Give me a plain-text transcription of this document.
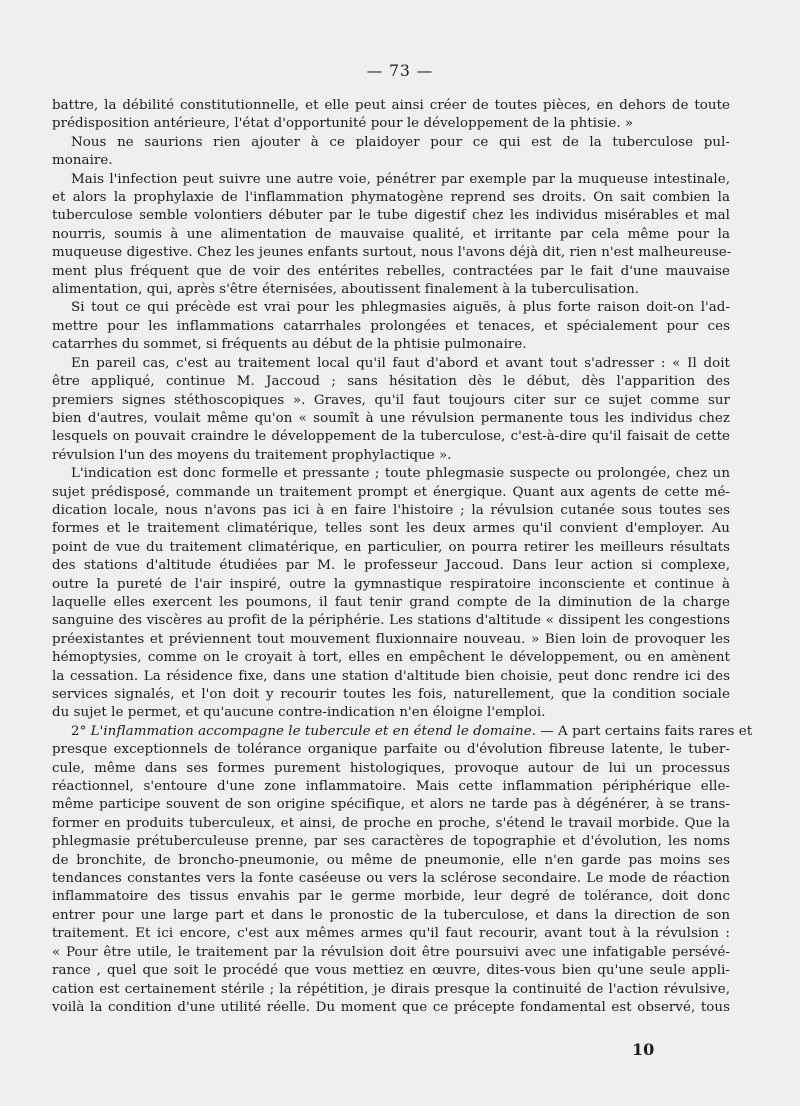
— 73 —
battre, la débilité constitutionnelle, et elle peut ainsi créer de toutes pièces, en dehors de toute
prédisposition antérieure, l'état d'opportunité pour le développement de la phtisie. »
Nous ne saurions rien ajouter à ce plaidoyer pour ce qui est de la tuberculose pul-
monaire.
Mais l'infection peut suivre une autre voie, pénétrer par exemple par la muqueuse intestinale,
et alors la prophylaxie de l'inflammation phymatogène reprend ses droits. On sait combien la
tuberculose semble volontiers débuter par le tube digestif chez les individus misérables et mal
nourris, soumis à une alimentation de mauvaise qualité, et irritante par cela même pour la
muqueuse digestive. Chez les jeunes enfants surtout, nous l'avons déjà dit, rien n'est malheureuse-
ment plus fréquent que de voir des entérites rebelles, contractées par le fait d'une mauvaise
alimentation, qui, après s'être éternisées, aboutissent finalement à la tuberculisation.
Si tout ce qui précède est vrai pour les phlegmasies aiguës, à plus forte raison doit-on l'ad-
mettre pour les inflammations catarrhales prolongées et tenaces, et spécialement pour ces
catarrhes du sommet, si fréquents au début de la phtisie pulmonaire.
En pareil cas, c'est au traitement local qu'il faut d'abord et avant tout s'adresser : « Il doit
être appliqué, continue M. Jaccoud ; sans hésitation dès le début, dès l'apparition des
premiers signes stéthoscopiques ». Graves, qu'il faut toujours citer sur ce sujet comme sur
bien d'autres, voulait même qu'on « soumît à une révulsion permanente tous les individus chez
lesquels on pouvait craindre le développement de la tuberculose, c'est-à-dire qu'il faisait de cette
révulsion l'un des moyens du traitement prophylactique ».
L'indication est donc formelle et pressante ; toute phlegmasie suspecte ou prolongée, chez un
sujet prédisposé, commande un traitement prompt et énergique. Quant aux agents de cette mé-
dication locale, nous n'avons pas ici à en faire l'histoire ; la révulsion cutanée sous toutes ses
formes et le traitement climatérique, telles sont les deux armes qu'il convient d'employer. Au
point de vue du traitement climatérique, en particulier, on pourra retirer les meilleurs résultats
des stations d'altitude étudiées par M. le professeur Jaccoud. Dans leur action si complexe,
outre la pureté de l'air inspiré, outre la gymnastique respiratoire inconsciente et continue à
laquelle elles exercent les poumons, il faut tenir grand compte de la diminution de la charge
sanguine des viscères au profit de la périphérie. Les stations d'altitude « dissipent les congestions
préexistantes et préviennent tout mouvement fluxionnaire nouveau. » Bien loin de provoquer les
hémoptysies, comme on le croyait à tort, elles en empêchent le développement, ou en amènent
la cessation. La résidence fixe, dans une station d'altitude bien choisie, peut donc rendre ici des
services signalés, et l'on doit y recourir toutes les fois, naturellement, que la condition sociale
du sujet le permet, et qu'aucune contre-indication n'en éloigne l'emploi.
2° L'inflammation accompagne le tubercule et en étend le domaine. — A part certains faits rares et
presque exceptionnels de tolérance organique parfaite ou d'évolution fibreuse latente, le tuber-
cule, même dans ses formes purement histologiques, provoque autour de lui un processus
réactionnel, s'entoure d'une zone inflammatoire. Mais cette inflammation périphérique elle-
même participe souvent de son origine spécifique, et alors ne tarde pas à dégénérer, à se trans-
former en produits tuberculeux, et ainsi, de proche en proche, s'étend le travail morbide. Que la
phlegmasie prétuberculeuse prenne, par ses caractères de topographie et d'évolution, les noms
de bronchite, de broncho-pneumonie, ou même de pneumonie, elle n'en garde pas moins ses
tendances constantes vers la fonte caséeuse ou vers la sclérose secondaire. Le mode de réaction
inflammatoire des tissus envahis par le germe morbide, leur degré de tolérance, doit donc
entrer pour une large part et dans le pronostic de la tuberculose, et dans la direction de son
traitement. Et ici encore, c'est aux mêmes armes qu'il faut recourir, avant tout à la révulsion :
« Pour être utile, le traitement par la révulsion doit être poursuivi avec une infatigable persévé-
rance , quel que soit le procédé que vous mettiez en œuvre, dites-vous bien qu'une seule appli-
cation est certainement stérile ; la répétition, je dirais presque la continuité de l'action révulsive,
voilà la condition d'une utilité réelle. Du moment que ce précepte fondamental est observé, tous
10
